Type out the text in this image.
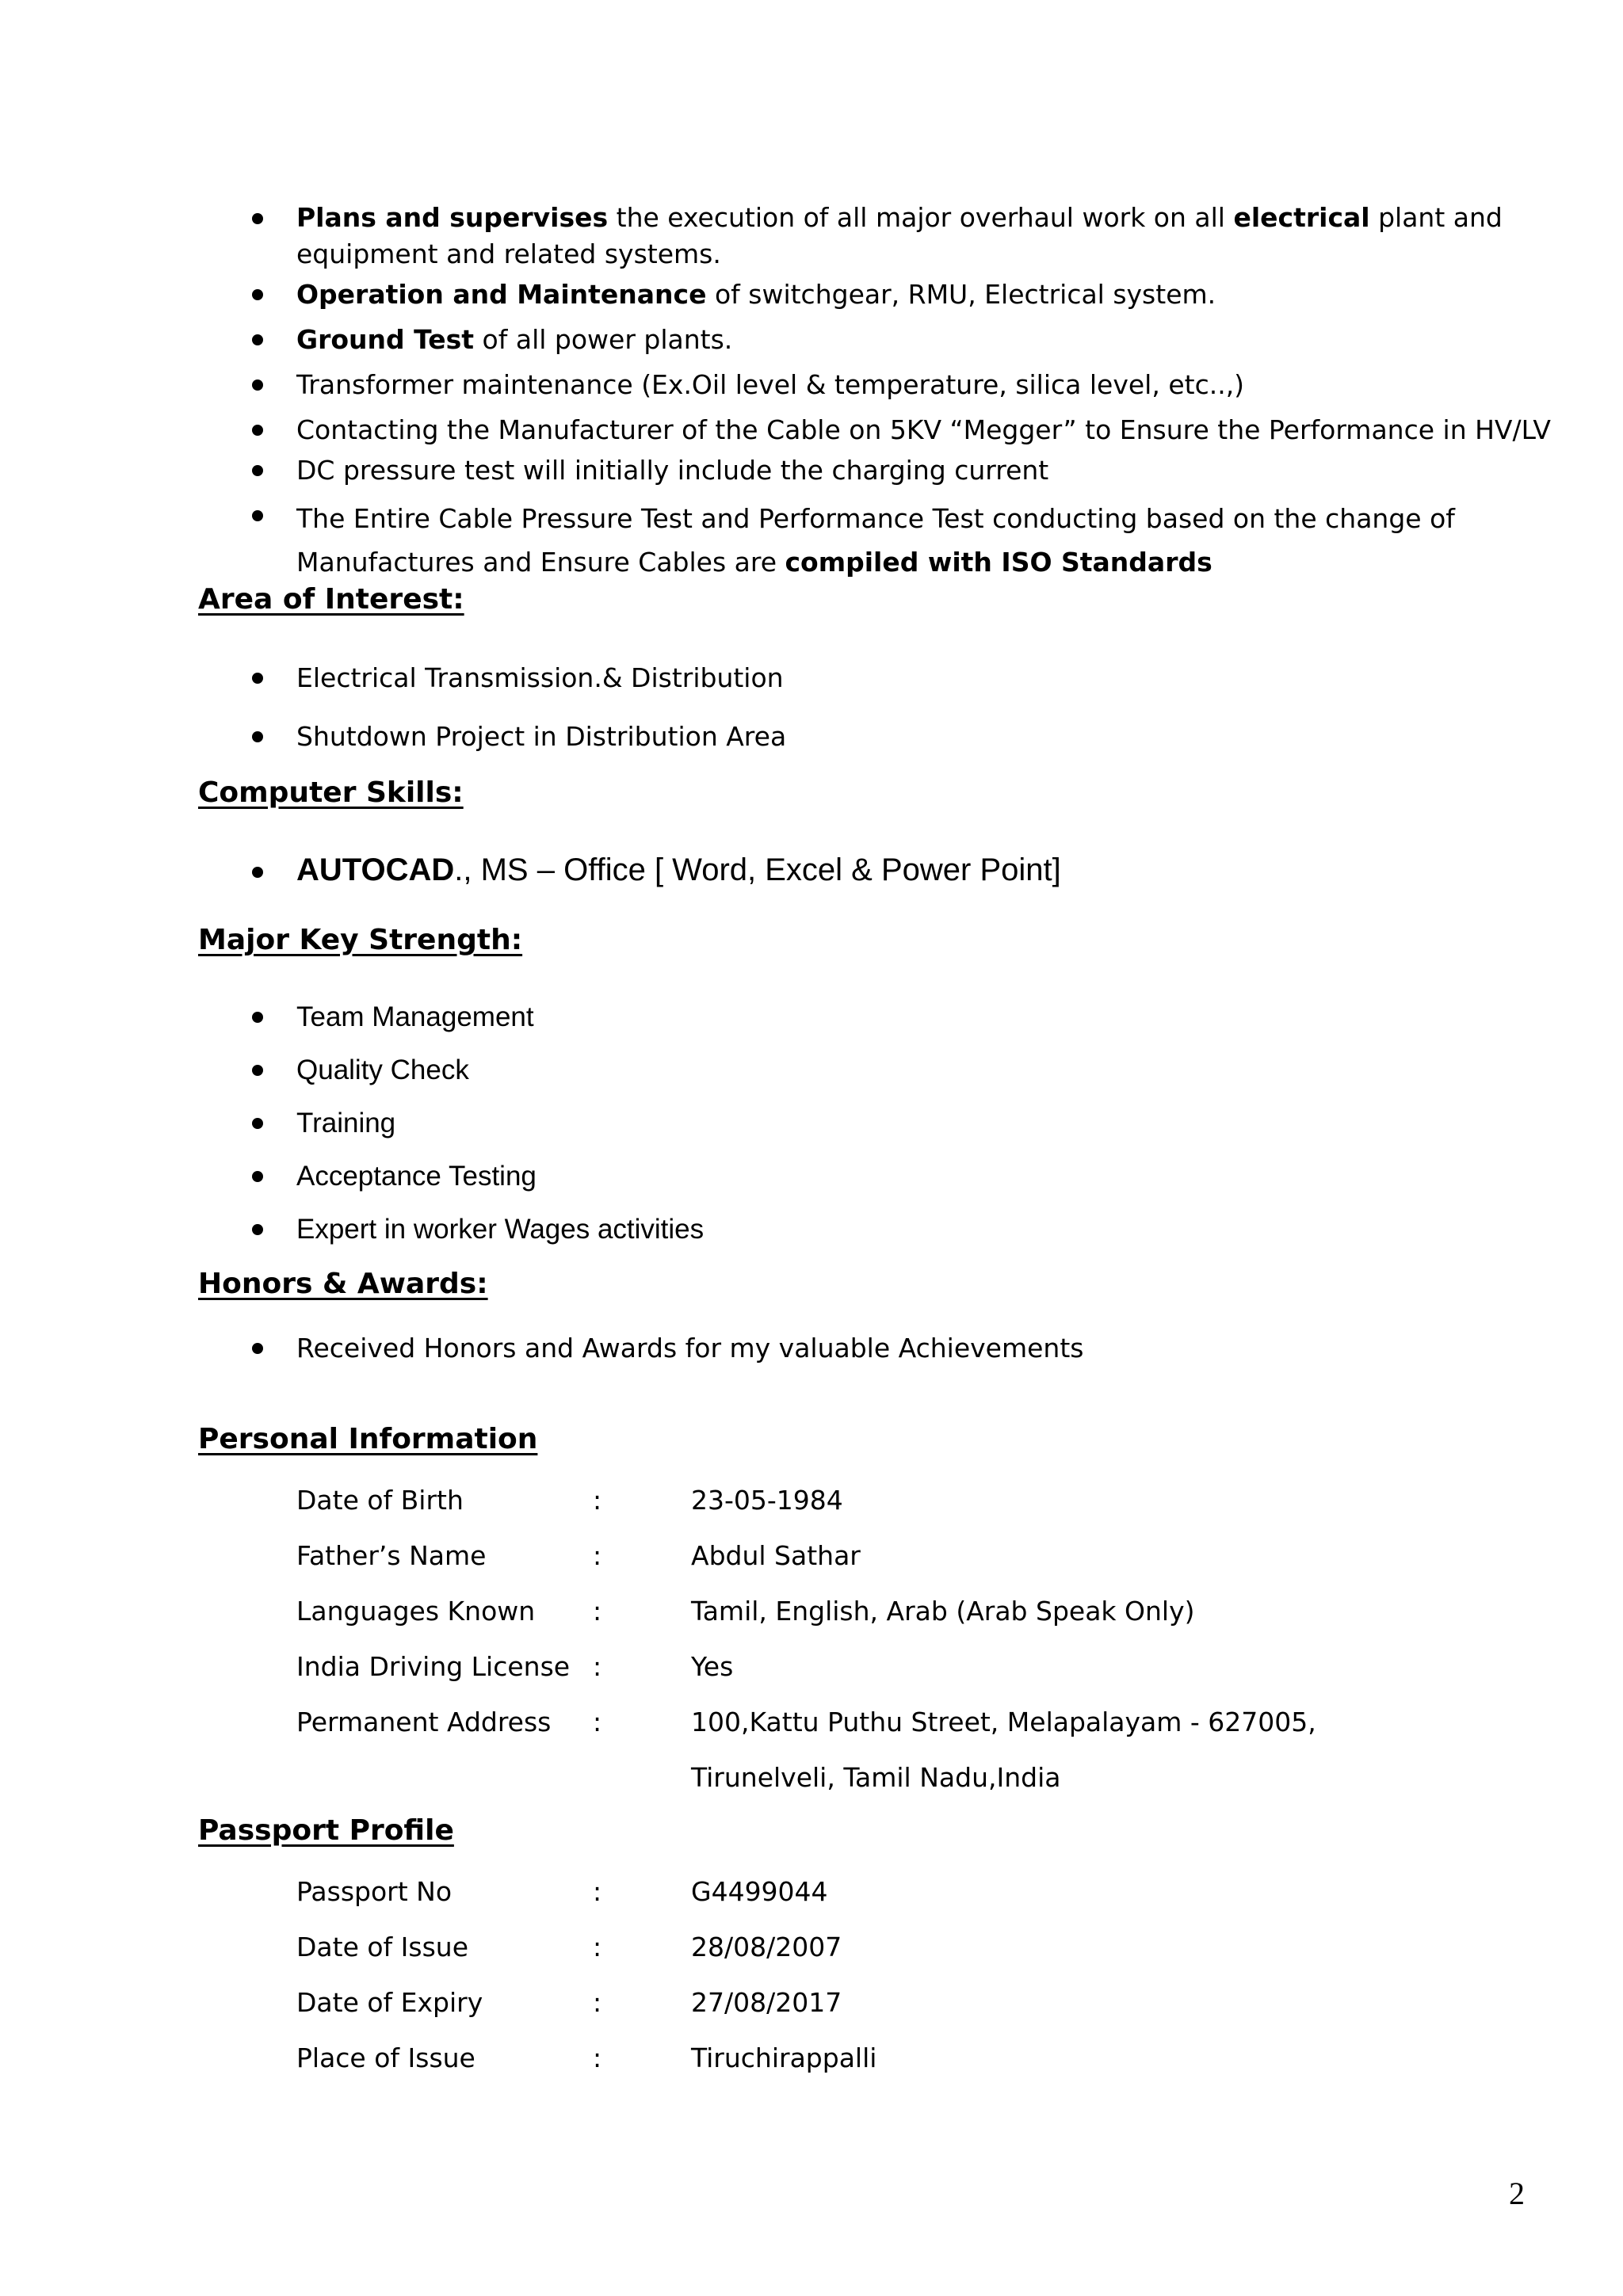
Plans and supervises the execution of all major overhaul work on all electrical plant and equipment and related systems.
Operation and Maintenance of switchgear, RMU, Electrical system.
Ground Test of all power plants.
Transformer maintenance (Ex.Oil level & temperature, silica level, etc..,)
Contacting the Manufacturer of the Cable on 5KV “Megger” to Ensure the Performance in HV/LV
DC pressure test will initially include the charging current
The Entire Cable Pressure Test and Performance Test conducting based on the change of Manufactures and Ensure Cables are compiled with ISO Standards
Area of Interest:
Electrical Transmission.& Distribution
Shutdown Project in Distribution Area
Computer Skills:
AUTOCAD., MS – Office [ Word, Excel & Power Point]
Major Key Strength:
Team Management
Quality Check
Training
Acceptance Testing
Expert in worker Wages activities
Honors & Awards:
Received Honors and Awards for my valuable Achievements
Personal Information
Date of Birth	:	23-05-1984
Father’s Name	:	Abdul Sathar
Languages Known :	Tamil, English, Arab (Arab Speak Only)
India Driving License :	Yes
Permanent Address :	100,Kattu Puthu Street, Melapalayam - 627005,
Tirunelveli, Tamil Nadu,India
Passport Profile
Passport No	:	G4499044
Date of Issue	:	28/08/2007
Date of Expiry	:	27/08/2017
Place of Issue	:	Tiruchirappalli
2
